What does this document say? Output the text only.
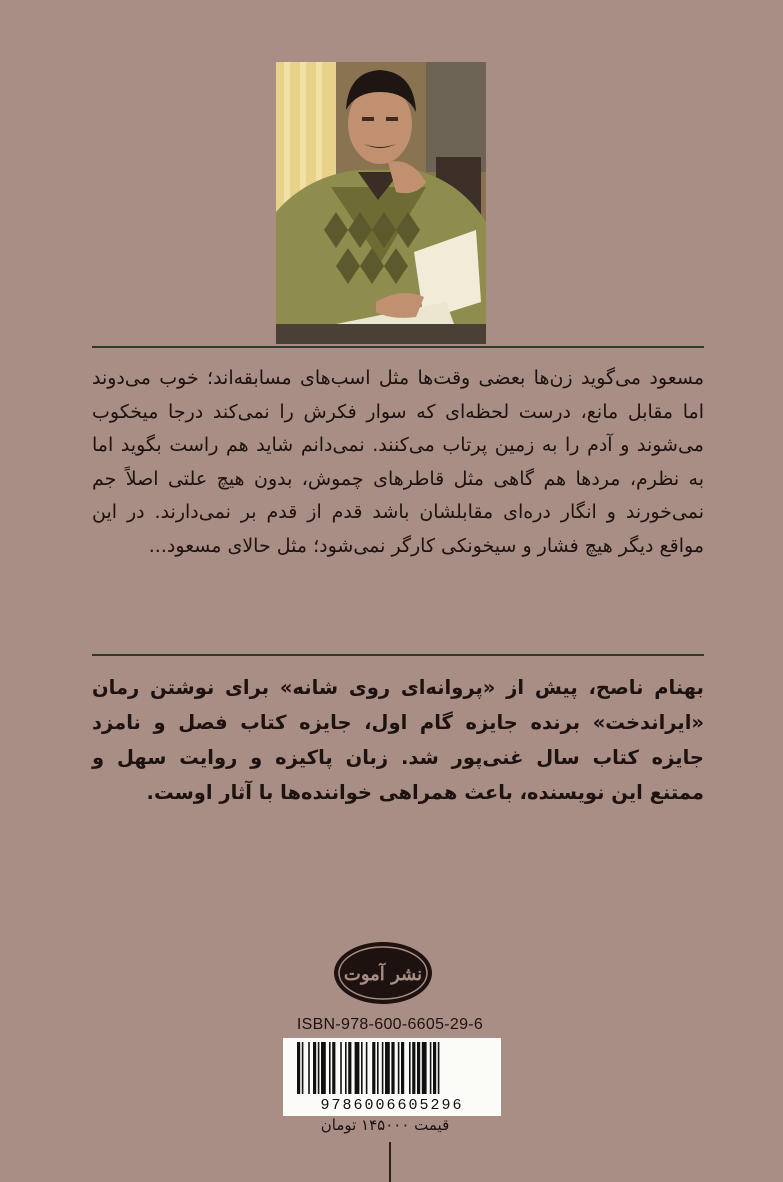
مسعود می‌گوید زن‌ها بعضی وقت‌ها مثل اسب‌های مسابقه‌اند؛ خوب می‌دوند اما مقابل مانع، درست لحظه‌ای که سوار فکرش را نمی‌کند درجا میخکوب می‌شوند و آدم را به زمین پرتاب می‌کنند. نمی‌دانم شاید هم راست بگوید اما به نظرم، مردها هم گاهی مثل قاطرهای چموش، بدون هیچ علتی اصلاً جم نمی‌خورند و انگار دره‌ای مقابلشان باشد قدم از قدم بر نمی‌دارند. در این مواقع دیگر هیچ فشار و سیخونکی کارگر نمی‌شود؛ مثل حالای مسعود...
بهنام ناصح، پیش از «پروانه‌ای روی شانه» برای نوشتن رمان «ایراندخت» برنده جایزه گام اول، جایزه کتاب فصل و نامزد جایزه کتاب سال غنی‌پور شد. زبان پاکیزه و روایت سهل و ممتنع این نویسنده، باعث همراهی خواننده‌ها با آثار اوست.
نشر آموت
ISBN-978-600-6605-29-6
9786006605296
قیمت ۱۴۵۰۰۰ تومان
